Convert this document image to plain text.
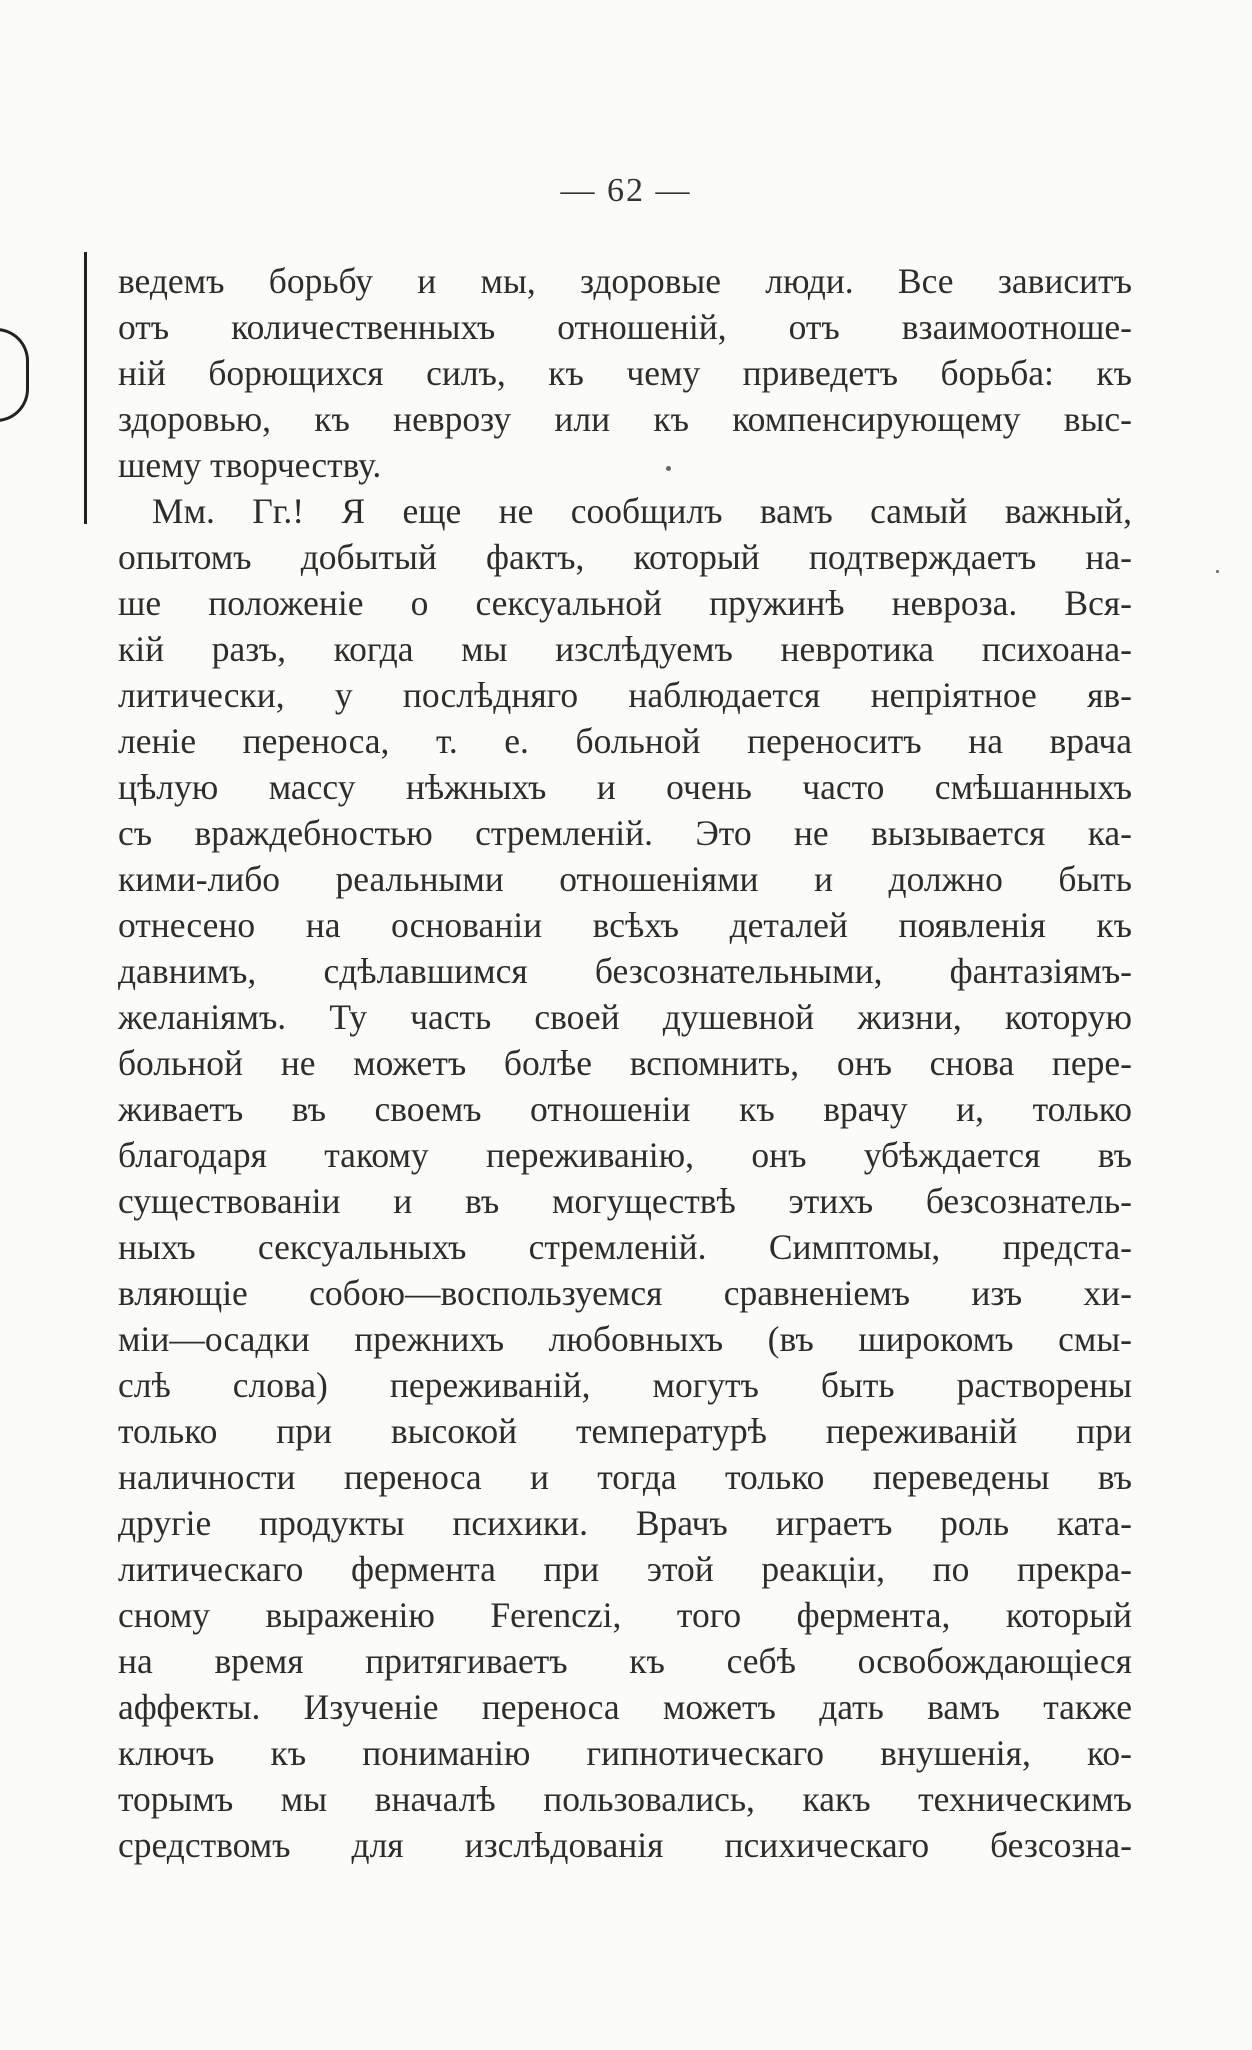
— 62 —
ведемъ борьбу и мы, здоровые люди. Все зависитъ
отъ количественныхъ отношеній, отъ взаимоотноше-
ній борющихся силъ, къ чему приведетъ борьба: къ
здоровью, къ неврозу или къ компенсирующему выс-
шему творчеству.
Мм. Гг.! Я еще не сообщилъ вамъ самый важный,
опытомъ добытый фактъ, который подтверждаетъ на-
ше положеніе о сексуальной пружинѣ невроза. Вся-
кій разъ, когда мы изслѣдуемъ невротика психоана-
литически, у послѣдняго наблюдается непріятное яв-
леніе переноса, т. е. больной переноситъ на врача
цѣлую массу нѣжныхъ и очень часто смѣшанныхъ
съ враждебностью стремленій. Это не вызывается ка-
кими-либо реальными отношеніями и должно быть
отнесено на основаніи всѣхъ деталей появленія къ
давнимъ, сдѣлавшимся безсознательными, фантазіямъ-
желаніямъ. Ту часть своей душевной жизни, которую
больной не можетъ болѣе вспомнить, онъ снова пере-
живаетъ въ своемъ отношеніи къ врачу и, только
благодаря такому переживанію, онъ убѣждается въ
существованіи и въ могуществѣ этихъ безсознатель-
ныхъ сексуальныхъ стремленій. Симптомы, предста-
вляющіе собою—воспользуемся сравненіемъ изъ хи-
міи—осадки прежнихъ любовныхъ (въ широкомъ смы-
слѣ слова) переживаній, могутъ быть растворены
только при высокой температурѣ переживаній при
наличности переноса и тогда только переведены въ
другіе продукты психики. Врачъ играетъ роль ката-
литическаго фермента при этой реакціи, по прекра-
сному выраженію Ferenczi, того фермента, который
на время притягиваетъ къ себѣ освобождающіеся
аффекты. Изученіе переноса можетъ дать вамъ также
ключъ къ пониманію гипнотическаго внушенія, ко-
торымъ мы вначалѣ пользовались, какъ техническимъ
средствомъ для изслѣдованія психическаго безсозна-
